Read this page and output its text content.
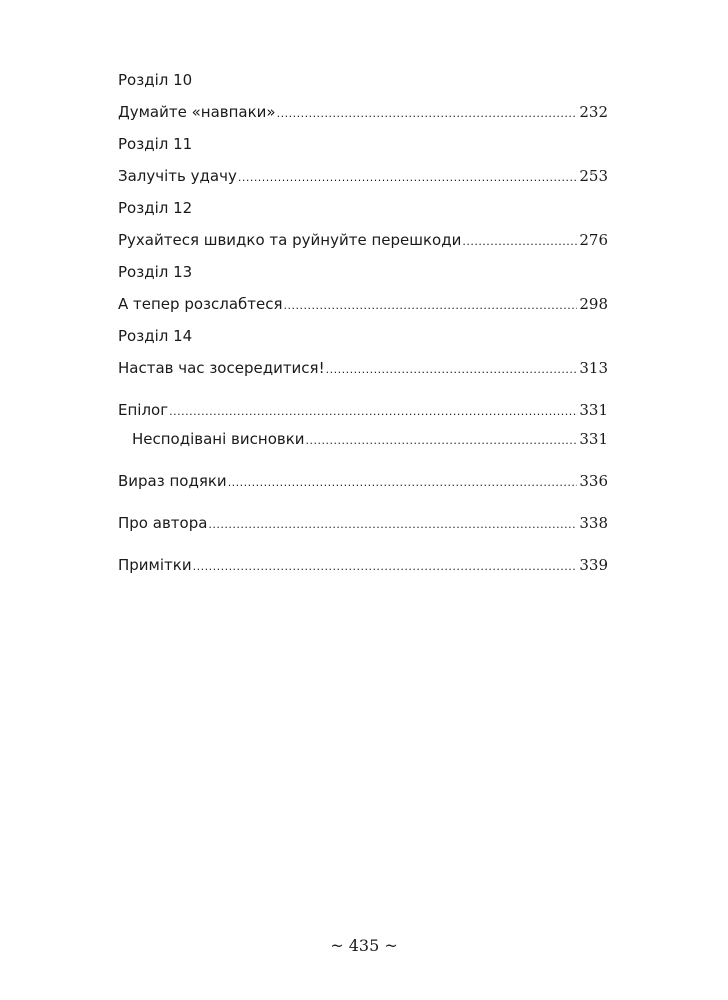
Розділ 10
Думайте «навпаки» .....	232
Розділ 11
Залучіть удачу .....	253
Розділ 12
Рухайтеся швидко та руйнуйте перешкоди .....	276
Розділ 13
А тепер розслабтеся .....	298
Розділ 14
Настав час зосередитися! .....	313
Епілог .....	331
Несподівані висновки .....	331
Вираз подяки .....	336
Про автора .....	338
Примітки .....	339
~ 435 ~
